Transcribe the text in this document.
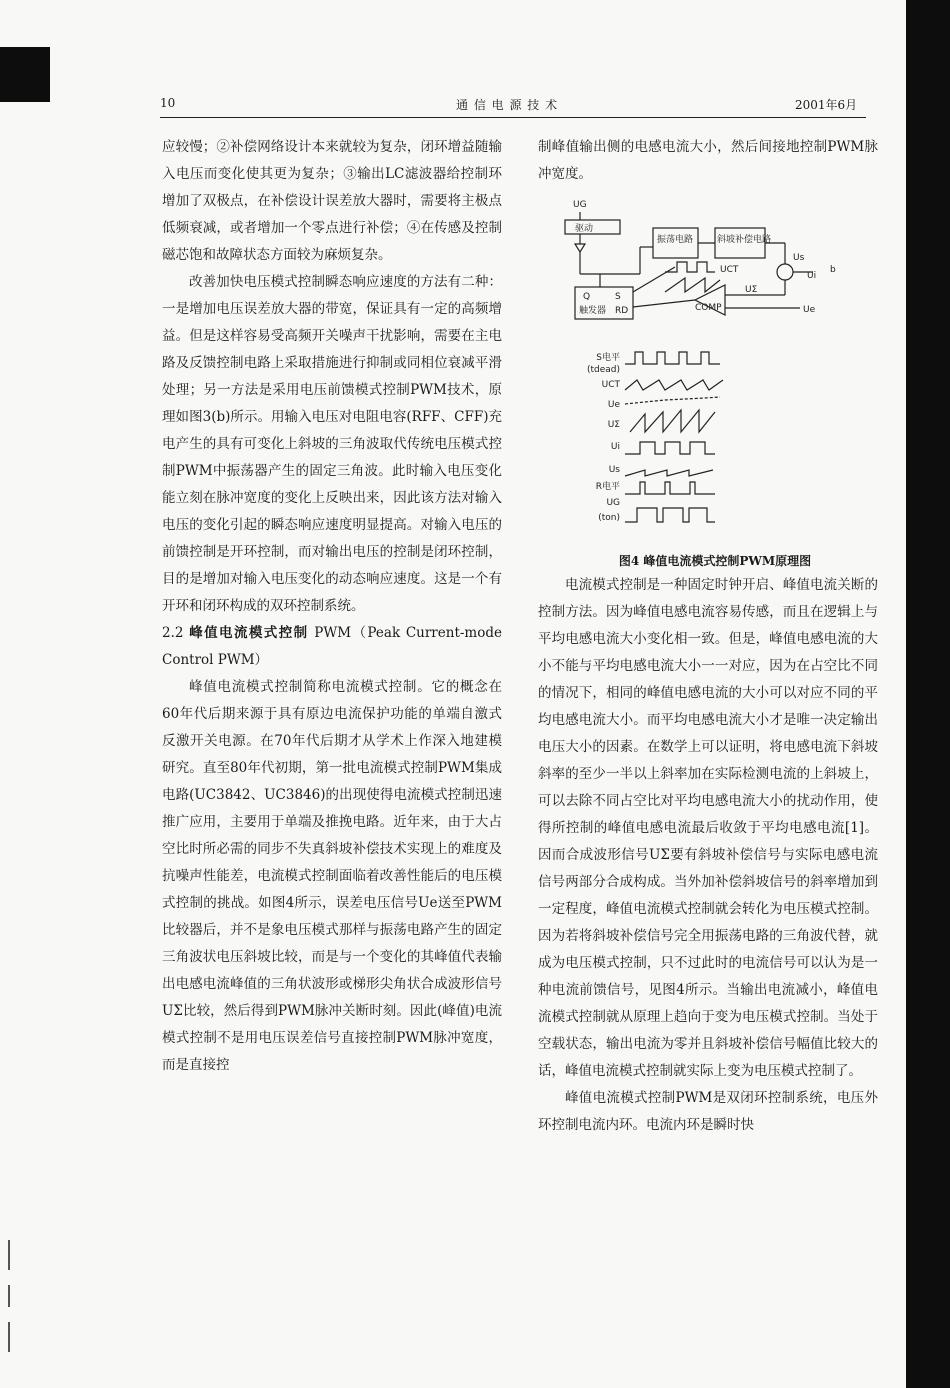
10	通 信 电 源 技 术	2001年6月

应较慢；②补偿网络设计本来就较为复杂，闭环增益随输入电压而变化使其更为复杂；③输出LC滤波器给控制环增加了双极点，在补偿设计误差放大器时，需要将主极点低频衰减，或者增加一个零点进行补偿；④在传感及控制磁芯饱和故障状态方面较为麻烦复杂。

改善加快电压模式控制瞬态响应速度的方法有二种：一是增加电压误差放大器的带宽，保证具有一定的高频增益。但是这样容易受高频开关噪声干扰影响，需要在主电路及反馈控制电路上采取措施进行抑制或同相位衰减平滑处理；另一方法是采用电压前馈模式控制PWM技术，原理如图3(b)所示。用输入电压对电阻电容(RFF、CFF)充电产生的具有可变化上斜坡的三角波取代传统电压模式控制PWM中振荡器产生的固定三角波。此时输入电压变化能立刻在脉冲宽度的变化上反映出来，因此该方法对输入电压的变化引起的瞬态响应速度明显提高。对输入电压的前馈控制是开环控制，而对输出电压的控制是闭环控制，目的是增加对输入电压变化的动态响应速度。这是一个有开环和闭环构成的双环控制系统。

2.2 峰值电流模式控制 PWM（Peak Current-mode Control PWM）

峰值电流模式控制简称电流模式控制。它的概念在60年代后期来源于具有原边电流保护功能的单端自激式反激开关电源。在70年代后期才从学术上作深入地建模研究。直至80年代初期，第一批电流模式控制PWM集成电路(UC3842、UC3846)的出现使得电流模式控制迅速推广应用，主要用于单端及推挽电路。近年来，由于大占空比时所必需的同步不失真斜坡补偿技术实现上的难度及抗噪声性能差，电流模式控制面临着改善性能后的电压模式控制的挑战。如图4所示，误差电压信号Ue送至PWM比较器后，并不是象电压模式那样与振荡电路产生的固定三角波状电压斜坡比较，而是与一个变化的其峰值代表输出电感电流峰值的三角状波形或梯形尖角状合成波形信号UΣ比较，然后得到PWM脉冲关断时刻。因此(峰值)电流模式控制不是用电压误差信号直接控制PWM脉冲宽度，而是直接控

制峰值输出侧的电感电流大小，然后间接地控制PWM脉冲宽度。

UG
驱动
振荡电路	斜坡补偿电路
Q	S
触发器 RD	COMP
UCT
Us
Ui
b
UΣ
Ue
S电平
(tdead)
UCT
Ue
UΣ
Ui
Us
R电平
UG
(ton)
图4 峰值电流模式控制PWM原理图

电流模式控制是一种固定时钟开启、峰值电流关断的控制方法。因为峰值电感电流容易传感，而且在逻辑上与平均电感电流大小变化相一致。但是，峰值电感电流的大小不能与平均电感电流大小一一对应，因为在占空比不同的情况下，相同的峰值电感电流的大小可以对应不同的平均电感电流大小。而平均电感电流大小才是唯一决定输出电压大小的因素。在数学上可以证明，将电感电流下斜坡斜率的至少一半以上斜率加在实际检测电流的上斜坡上，可以去除不同占空比对平均电感电流大小的扰动作用，使得所控制的峰值电感电流最后收敛于平均电感电流[1]。因而合成波形信号UΣ要有斜坡补偿信号与实际电感电流信号两部分合成构成。当外加补偿斜坡信号的斜率增加到一定程度，峰值电流模式控制就会转化为电压模式控制。因为若将斜坡补偿信号完全用振荡电路的三角波代替，就成为电压模式控制，只不过此时的电流信号可以认为是一种电流前馈信号，见图4所示。当输出电流减小，峰值电流模式控制就从原理上趋向于变为电压模式控制。当处于空载状态，输出电流为零并且斜坡补偿信号幅值比较大的话，峰值电流模式控制就实际上变为电压模式控制了。

峰值电流模式控制PWM是双闭环控制系统，电压外环控制电流内环。电流内环是瞬时快
